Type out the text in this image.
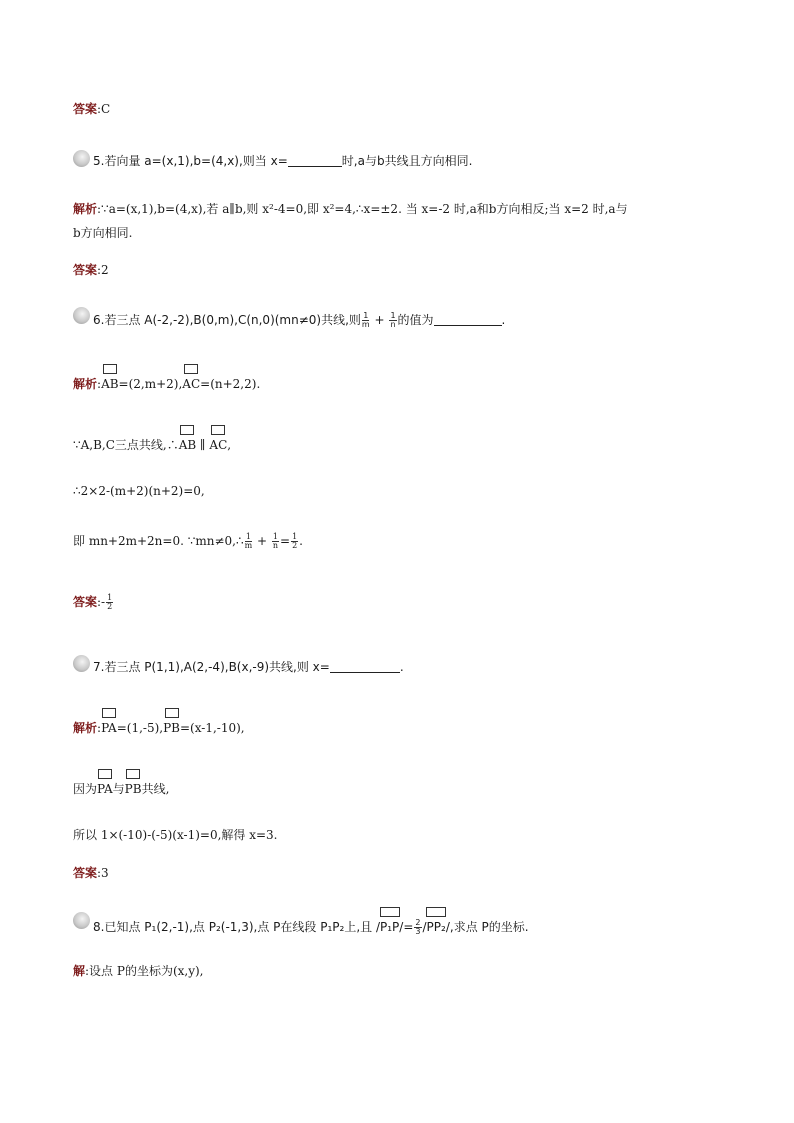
答案:C
5.若向量 a=(x,1),b=(4,x),则当 x=	时,a与b共线且方向相同.
解析:∵a=(x,1),b=(4,x),若 a∥b,则 x²-4=0,即 x²=4,∴x=±2. 当 x=-2 时,a和b方向相反;当 x=2 时,a与
b方向相同.
答案:2
6.若三点 A(-2,-2),B(0,m),C(n,0)(mn≠0)共线,则 $\frac{1}{m} + \frac{1}{n}$ 的值为	.
解析:
AB=(2,m+2),
AC=(n+2,2).
∵A,B,C三点共线,∴
AB ∥
AC,
∴2×2-(m+2)(n+2)=0,
即 mn+2m+2n=0. ∵mn≠0,∴ $\frac{1}{m} + \frac{1}{n} = \frac{1}{2}$ .
答案:- $\frac{1}{2}$
7.若三点 P(1,1),A(2,-4),B(x,-9)共线,则 x=	.
解析:
PA=(1,-5),
PB=(x-1,-10),
因为
PA与
PB共线,
所以 1×(-10)-(-5)(x-1)=0,解得 x=3.
答案:3
8.已知点 P₁(2,-1),点 P₂(-1,3),点 P在线段 P₁P₂上,且 /
$P_1P/= \frac{2}{3}$ /
PP₂/,求点 P的坐标.
解:设点 P的坐标为(x,y),
